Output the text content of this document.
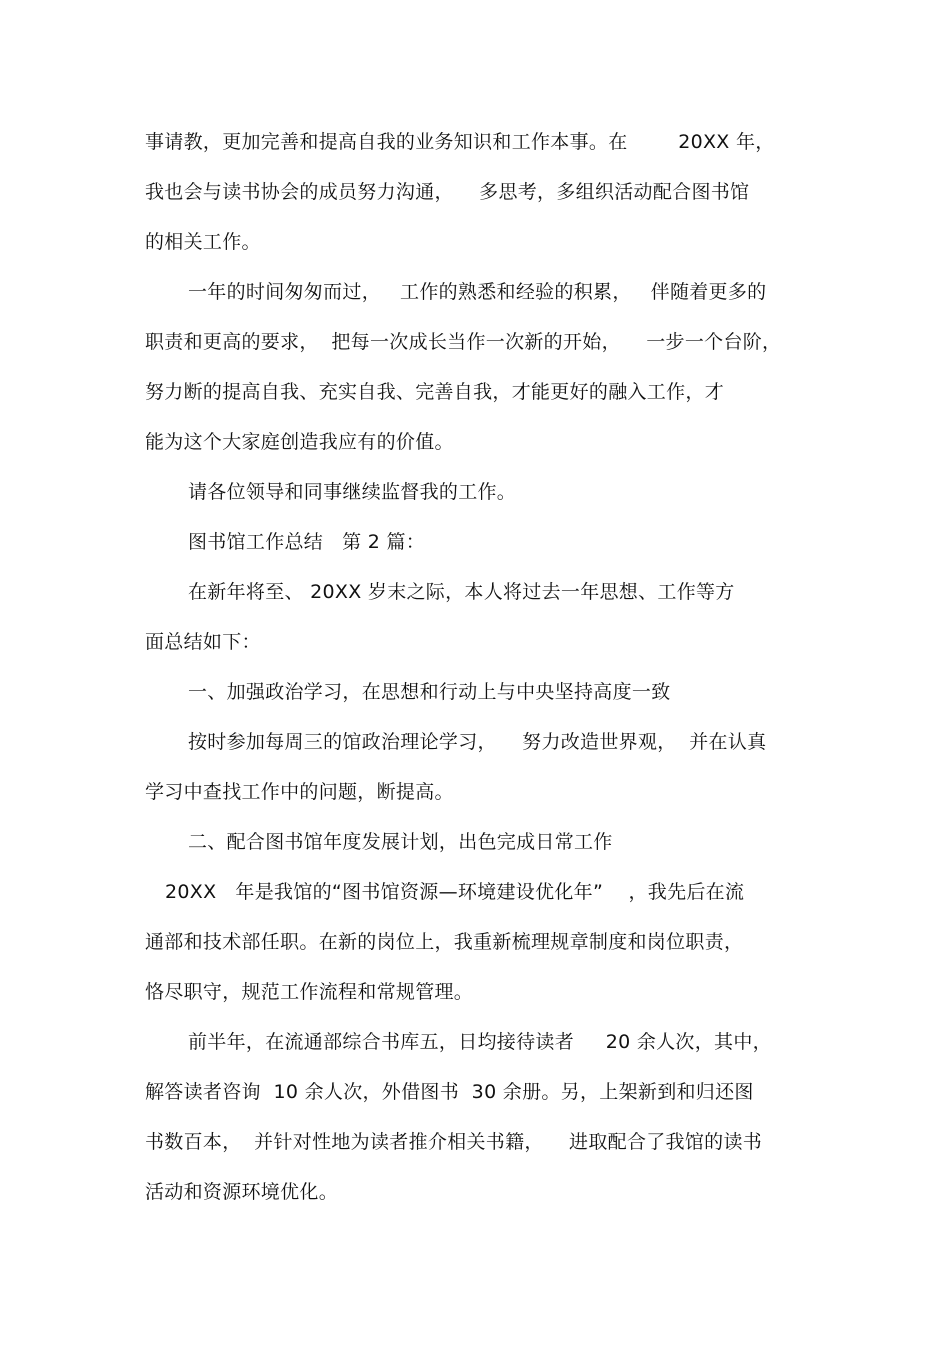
事请教，更加完善和提高自我的业务知识和工作本事。在        20XX 年，
我也会与读书协会的成员努力沟通，    多思考，多组织活动配合图书馆
的相关工作。
一年的时间匆匆而过，   工作的熟悉和经验的积累，   伴随着更多的
职责和更高的要求，  把每一次成长当作一次新的开始，    一步一个台阶，
努力断的提高自我、充实自我、完善自我，才能更好的融入工作，才
能为这个大家庭创造我应有的价值。
请各位领导和同事继续监督我的工作。
图书馆工作总结   第 2 篇：
在新年将至、 20XX 岁末之际，本人将过去一年思想、工作等方
面总结如下：
一、加强政治学习，在思想和行动上与中央坚持高度一致
按时参加每周三的馆政治理论学习，    努力改造世界观，  并在认真
学习中查找工作中的问题，断提高。
二、配合图书馆年度发展计划，出色完成日常工作
20XX   年是我馆的“图书馆资源—环境建设优化年”    ，我先后在流
通部和技术部任职。在新的岗位上，我重新梳理规章制度和岗位职责，
恪尽职守，规范工作流程和常规管理。
前半年，在流通部综合书库五，日均接待读者     20 余人次，其中，
解答读者咨询  10 余人次，外借图书  30 余册。另，上架新到和归还图
书数百本，  并针对性地为读者推介相关书籍，    进取配合了我馆的读书
活动和资源环境优化。
